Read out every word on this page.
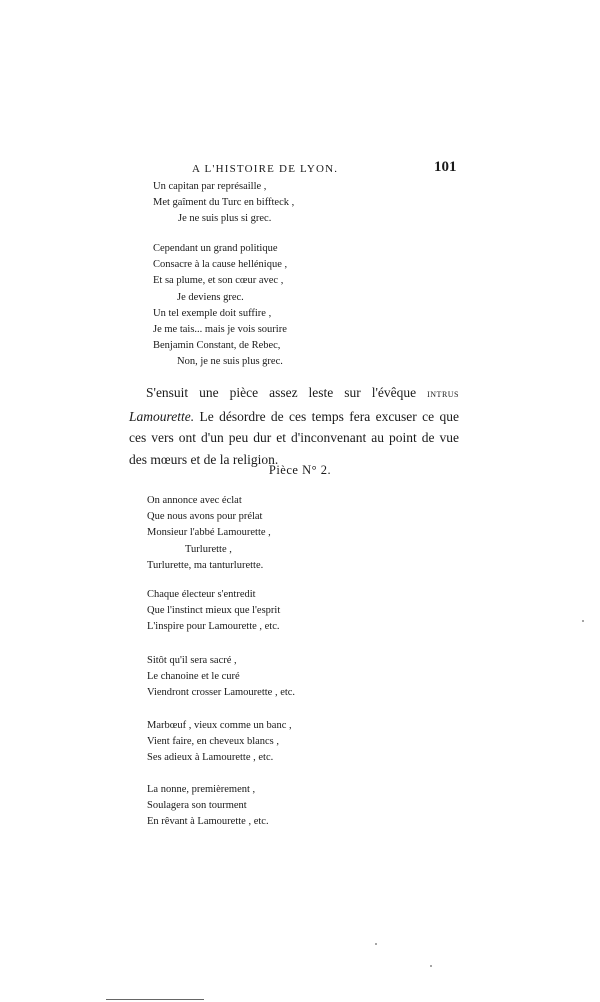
A L'HISTOIRE DE LYON.	101
Un capitan par représaille ,
Met gaîment du Turc en biffteck ,
Je ne suis plus si grec.
Cependant un grand politique
Consacre à la cause hellénique ,
Et sa plume, et son cœur avec ,
Je deviens grec.
Un tel exemple doit suffire ,
Je me tais... mais je vois sourire
Benjamin Constant, de Rebec,
Non, je ne suis plus grec.

S'ensuit une pièce assez leste sur l'évêque intrus Lamourette. Le désordre de ces temps fera excuser ce que ces vers ont d'un peu dur et d'inconvenant au point de vue des mœurs et de la religion.

Pièce N° 2.
On annonce avec éclat
Que nous avons pour prélat
Monsieur l'abbé Lamourette ,
Turlurette ,
Turlurette, ma tanturlurette.
Chaque électeur s'entredit
Que l'instinct mieux que l'esprit
L'inspire pour Lamourette , etc.
Sitôt qu'il sera sacré ,
Le chanoine et le curé
Viendront crosser Lamourette , etc.
Marbœuf , vieux comme un banc ,
Vient faire, en cheveux blancs ,
Ses adieux à Lamourette , etc.
La nonne, premièrement ,
Soulagera son tourment
En rêvant à Lamourette , etc.
